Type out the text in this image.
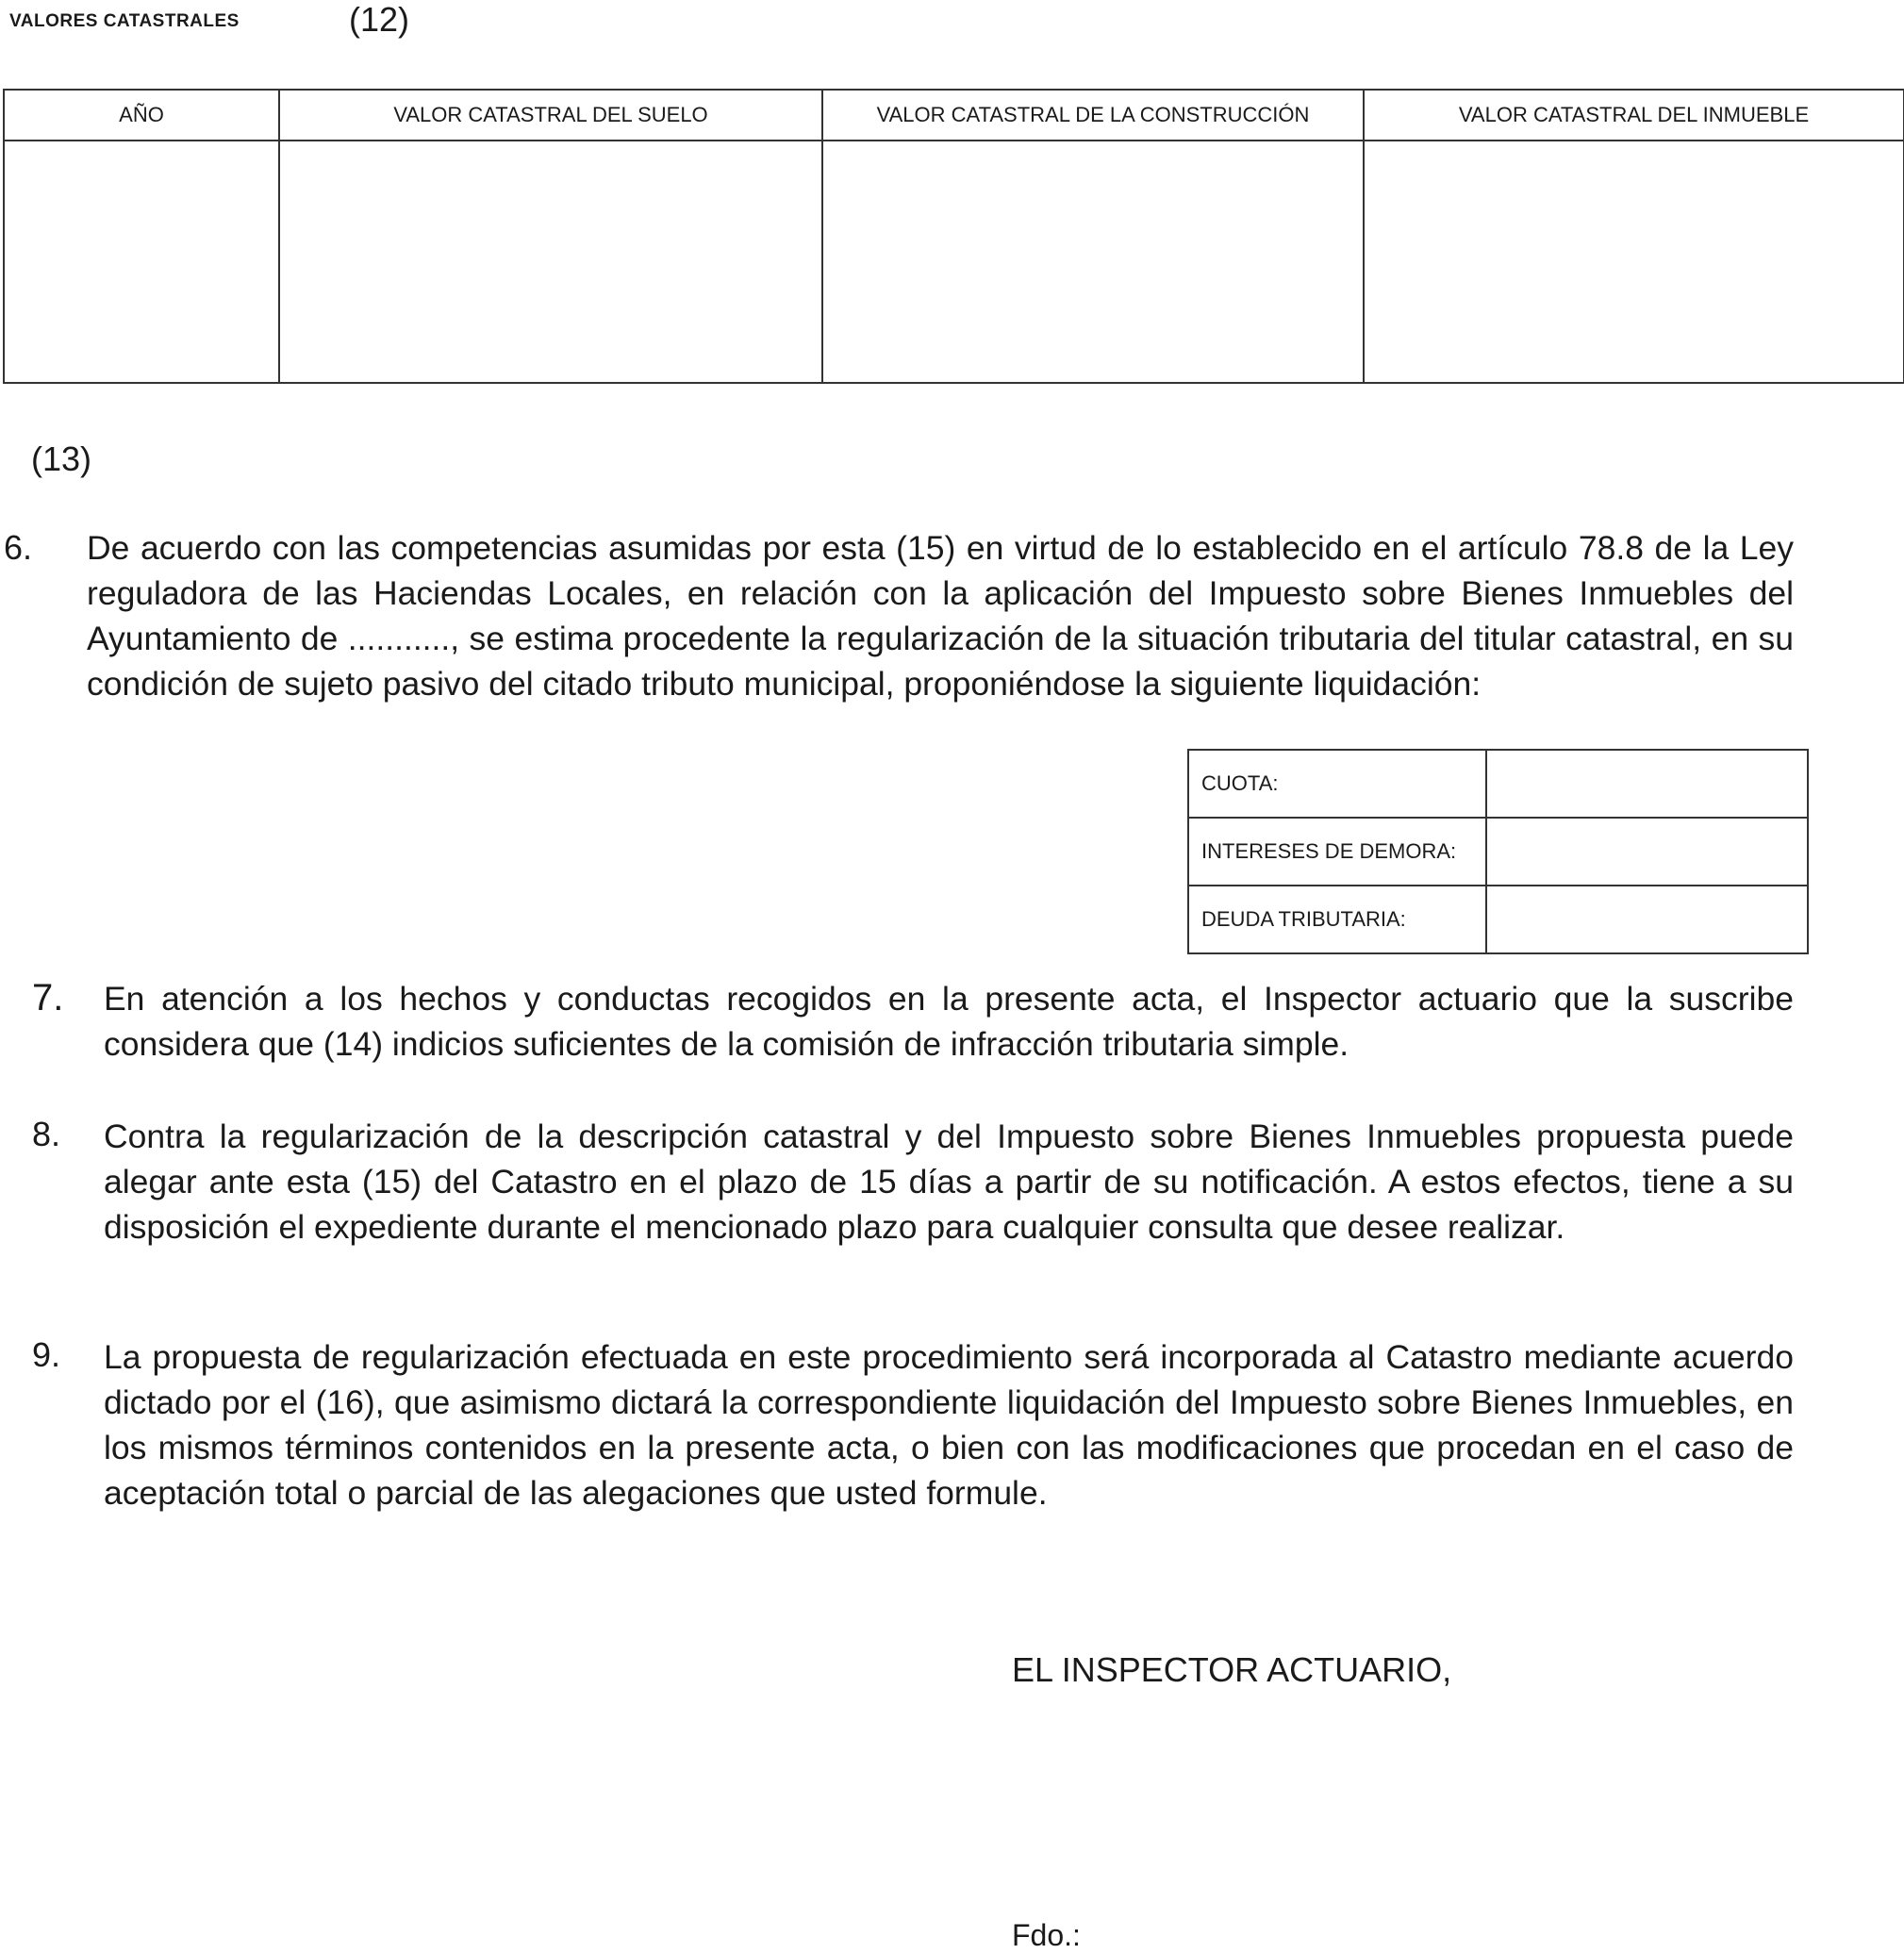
VALORES CATASTRALES	(12)
AÑO	VALOR CATASTRAL DEL SUELO	VALOR CATASTRAL DE LA CONSTRUCCIÓN	VALOR CATASTRAL DEL INMUEBLE

(13)
6. De acuerdo con las competencias asumidas por esta (15) en virtud de lo establecido en el artículo 78.8 de la Ley reguladora de las Haciendas Locales, en relación con la aplicación del Impuesto sobre Bienes Inmuebles del Ayuntamiento de ..........., se estima procedente la regularización de la situación tributaria del titular catastral, en su condición de sujeto pasivo del citado tributo municipal, proponiéndose la siguiente liquidación:
CUOTA:	
INTERESES DE DEMORA:	
DEUDA TRIBUTARIA:	
7. En atención a los hechos y conductas recogidos en la presente acta, el Inspector actuario que la suscribe considera que (14) indicios suficientes de la comisión de infracción tributaria simple.
8. Contra la regularización de la descripción catastral y del Impuesto sobre Bienes Inmuebles propuesta puede alegar ante esta (15) del Catastro en el plazo de 15 días a partir de su notificación. A estos efectos, tiene a su disposición el expediente durante el mencionado plazo para cualquier consulta que desee realizar.
9. La propuesta de regularización efectuada en este procedimiento será incorporada al Catastro mediante acuerdo dictado por el (16), que asimismo dictará la correspondiente liquidación del Impuesto sobre Bienes Inmuebles, en los mismos términos contenidos en la presente acta, o bien con las modificaciones que procedan en el caso de aceptación total o parcial de las alegaciones que usted formule.
EL INSPECTOR ACTUARIO,
Fdo.:
